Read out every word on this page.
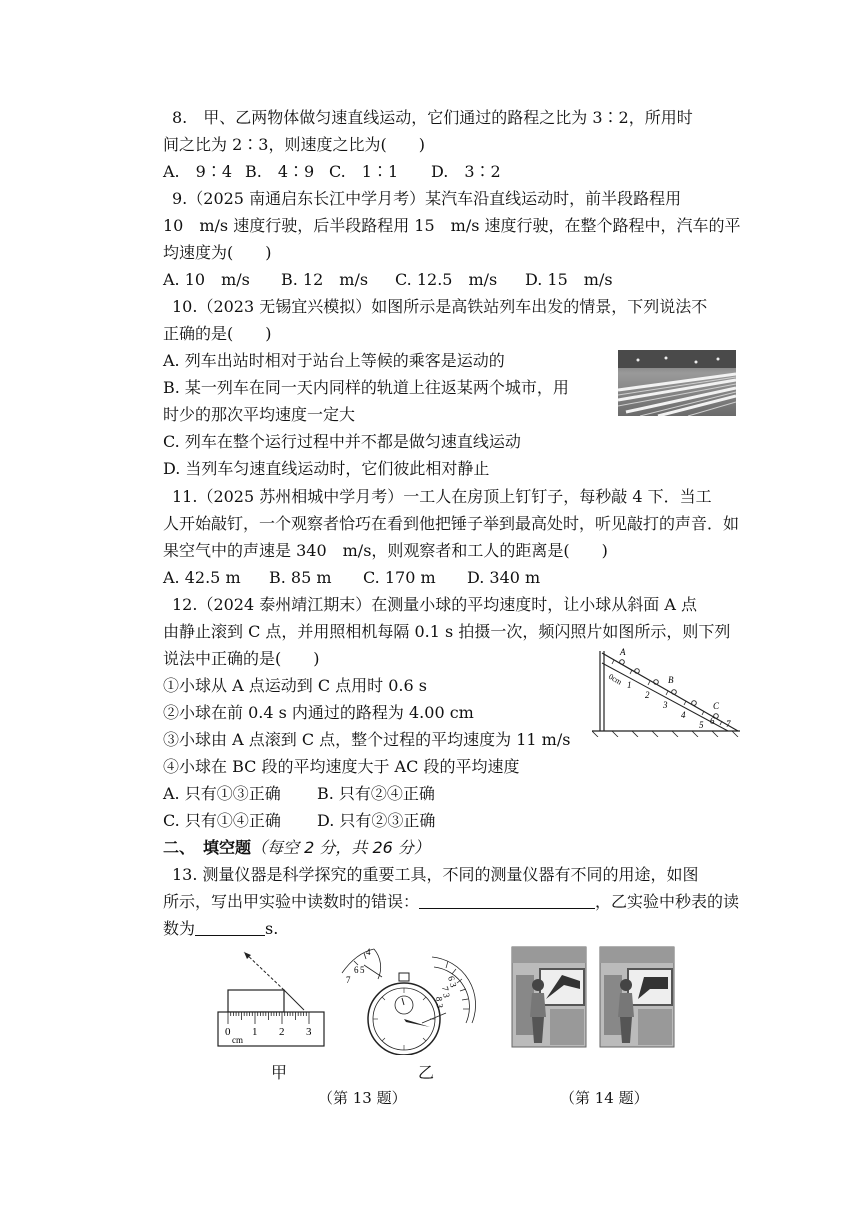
8.　甲、乙两物体做匀速直线运动，它们通过的路程之比为 3∶2，所用时
间之比为 2∶3，则速度之比为(　　)
A.　9∶4 B.　4∶9 C.　1∶1 D.　3∶2
9.（2025 南通启东长江中学月考）某汽车沿直线运动时，前半段路程用
10　m/s 速度行驶，后半段路程用 15　m/s 速度行驶，在整个路程中，汽车的平
均速度为(　　)
A. 10　m/s B. 12　m/s C. 12.5　m/s D. 15　m/s
10.（2023 无锡宜兴模拟）如图所示是高铁站列车出发的情景，下列说法不
正确的是(　　)
A. 列车出站时相对于站台上等候的乘客是运动的
B. 某一列车在同一天内同样的轨道上往返某两个城市，用
时少的那次平均速度一定大
C. 列车在整个运行过程中并不都是做匀速直线运动
D. 当列车匀速直线运动时，它们彼此相对静止
11.（2025 苏州相城中学月考）一工人在房顶上钉钉子，每秒敲 4 下．当工
人开始敲钉，一个观察者恰巧在看到他把锤子举到最高处时，听见敲打的声音．如
果空气中的声速是 340　m/s，则观察者和工人的距离是(　　)
A. 42.5 m B. 85 m C. 170 m D. 340 m
12.（2024 泰州靖江期末）在测量小球的平均速度时，让小球从斜面 A 点
由静止滚到 C 点，并用照相机每隔 0.1 s 拍摄一次，频闪照片如图所示，则下列
说法中正确的是(　　)
①小球从 A 点运动到 C 点用时 0.6 s
②小球在前 0.4 s 内通过的路程为 4.00 cm
③小球由 A 点滚到 C 点，整个过程的平均速度为 11 m/s
④小球在 BC 段的平均速度大于 AC 段的平均速度
A. 只有①③正确 B. 只有②④正确
C. 只有①④正确 D. 只有②③正确
A
B
C
0cm 1
2
3
4
5 6 7
二、　填空题（每空 2 分，共 26 分）
13. 测量仪器是科学探究的重要工具，不同的测量仪器有不同的用途，如图
所示，写出甲实验中读数时的错误：	，乙实验中秒表的读
数为	s.
0 1 2 3
cm
4
6
7
5
6 3
7 3
8 3
甲	乙
（第 13 题）	（第 14 题）
